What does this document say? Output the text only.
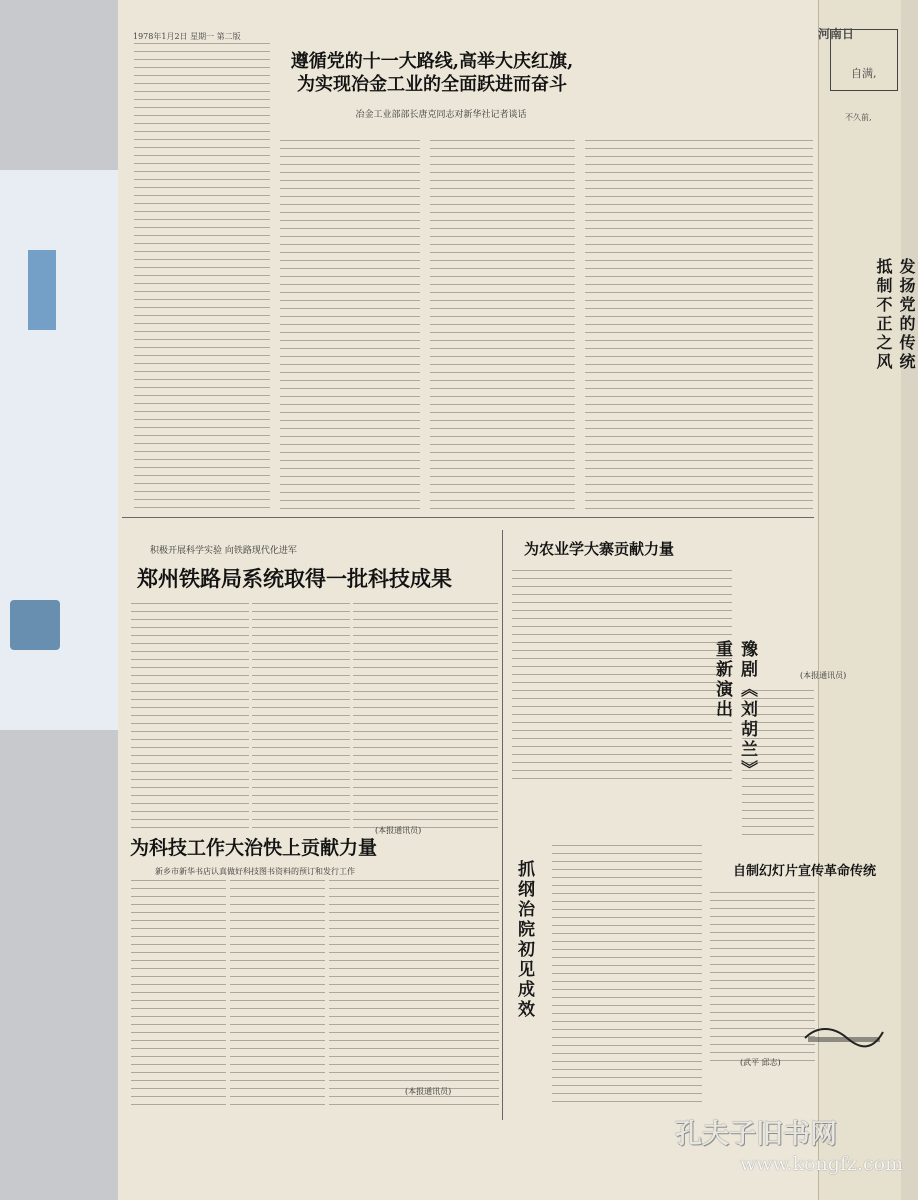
1978年1月2日 星期一 第二版	河南日
自满,
不久前,
发扬党的传统 抵制不正之风
遵循党的十一大路线,高举大庆红旗,
为实现冶金工业的全面跃进而奋斗
冶金工业部部长唐克同志对新华社记者谈话
积极开展科学实验 向铁路现代化进军
郑州铁路局系统取得一批科技成果
(本报通讯员)
为农业学大寨贡献力量
(本报通讯员)
豫剧《刘胡兰》重新演出
抓纲治院初见成效
为科技工作大治快上贡献力量
新乡市新华书店认真做好科技图书资料的预订和发行工作
(本报通讯员)
自制幻灯片宣传革命传统
(武平 邱志)
孔夫子旧书网
www.kongfz.com
